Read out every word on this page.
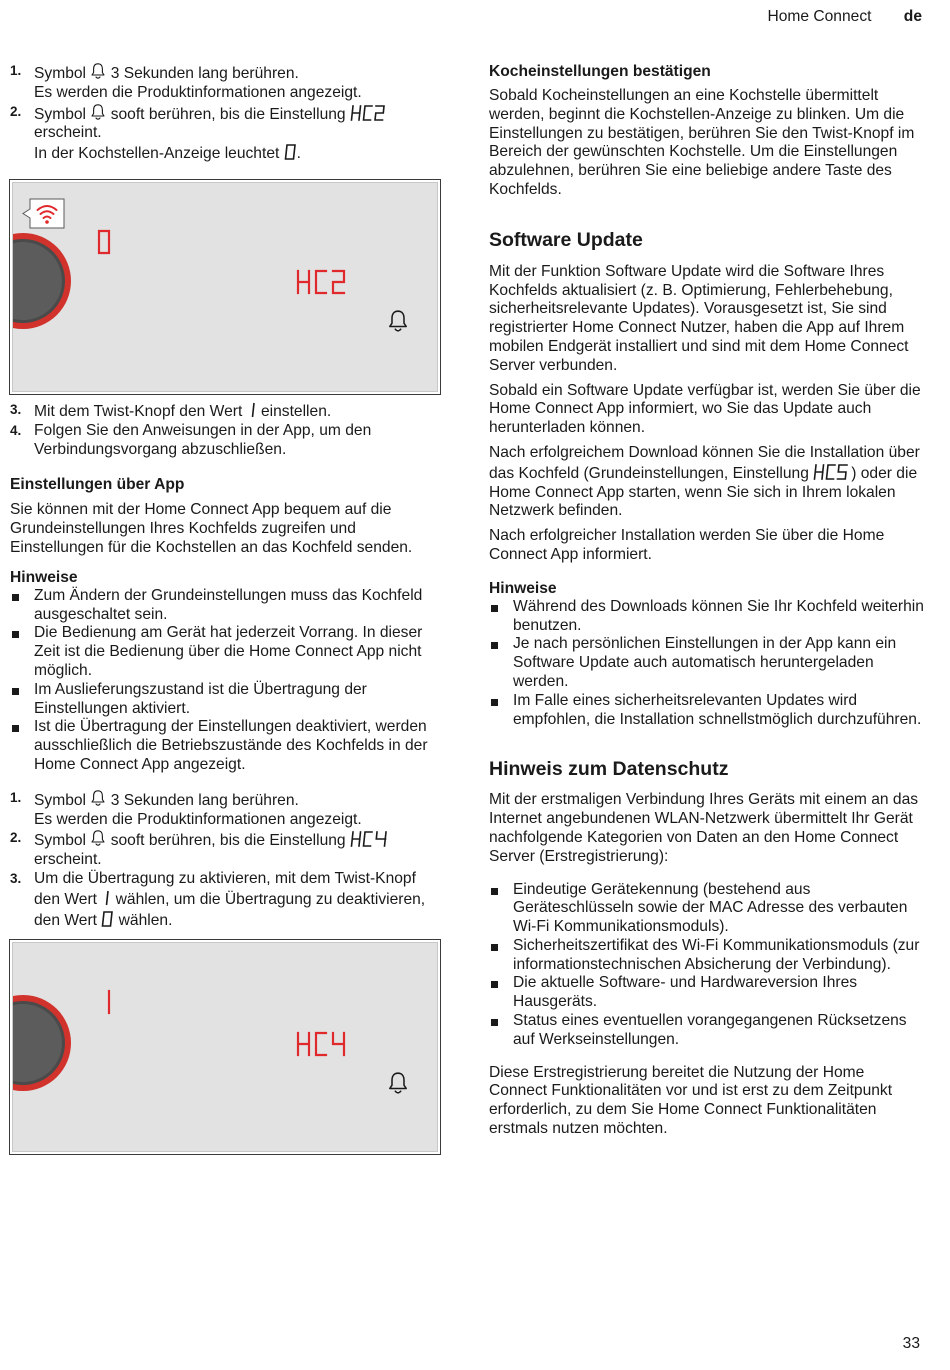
Home Connect de
1. Symbol 3 Sekunden lang berühren.
Es werden die Produktinformationen angezeigt.
2. Symbol sooft berühren, bis die Einstellung
erscheint.
In der Kochstellen-Anzeige leuchtet .
3. Mit dem Twist-Knopf den Wert einstellen.
4. Folgen Sie den Anweisungen in der App, um den Verbindungsvorgang abzuschließen.
Einstellungen über App

Sie können mit der Home Connect App bequem auf die Grundeinstellungen Ihres Kochfelds zugreifen und Einstellungen für die Kochstellen an das Kochfeld senden.

Hinweise
Zum Ändern der Grundeinstellungen muss das Kochfeld ausgeschaltet sein.
Die Bedienung am Gerät hat jederzeit Vorrang. In dieser Zeit ist die Bedienung über die Home Connect App nicht möglich.
Im Auslieferungszustand ist die Übertragung der Einstellungen aktiviert.
Ist die Übertragung der Einstellungen deaktiviert, werden ausschließlich die Betriebszustände des Kochfelds in der Home Connect App angezeigt.
1. Symbol 3 Sekunden lang berühren.
Es werden die Produktinformationen angezeigt.
2. Symbol sooft berühren, bis die Einstellung
erscheint.
3. Um die Übertragung zu aktivieren, mit dem Twist-Knopf den Wert wählen, um die Übertragung zu deaktivieren, den Wert wählen.
Kocheinstellungen bestätigen

Sobald Kocheinstellungen an eine Kochstelle übermittelt werden, beginnt die Kochstellen-Anzeige zu blinken. Um die Einstellungen zu bestätigen, berühren Sie den Twist-Knopf im Bereich der gewünschten Kochstelle. Um die Einstellungen abzulehnen, berühren Sie eine beliebige andere Taste des Kochfelds.

Software Update

Mit der Funktion Software Update wird die Software Ihres Kochfelds aktualisiert (z. B. Optimierung, Fehlerbehebung, sicherheitsrelevante Updates). Vorausgesetzt ist, Sie sind registrierter Home Connect Nutzer, haben die App auf Ihrem mobilen Endgerät installiert und sind mit dem Home Connect Server verbunden.

Sobald ein Software Update verfügbar ist, werden Sie über die Home Connect App informiert, wo Sie das Update auch herunterladen können.

Nach erfolgreichem Download können Sie die Installation über das Kochfeld (Grundeinstellungen, Einstellung	) oder die Home Connect App starten, wenn Sie sich in Ihrem lokalen Netzwerk befinden.

Nach erfolgreicher Installation werden Sie über die Home Connect App informiert.

Hinweise
Während des Downloads können Sie Ihr Kochfeld weiterhin benutzen.
Je nach persönlichen Einstellungen in der App kann ein Software Update auch automatisch heruntergeladen werden.
Im Falle eines sicherheitsrelevanten Updates wird empfohlen, die Installation schnellstmöglich durchzuführen.
Hinweis zum Datenschutz

Mit der erstmaligen Verbindung Ihres Geräts mit einem an das Internet angebundenen WLAN-Netzwerk übermittelt Ihr Gerät nachfolgende Kategorien von Daten an den Home Connect Server (Erstregistrierung):

Eindeutige Gerätekennung (bestehend aus Geräteschlüsseln sowie der MAC Adresse des verbauten Wi-Fi Kommunikationsmoduls).
Sicherheitszertifikat des Wi-Fi Kommunikationsmoduls (zur informationstechnischen Absicherung der Verbindung).
Die aktuelle Software- und Hardwareversion Ihres Hausgeräts.
Status eines eventuellen vorangegangenen Rücksetzens auf Werkseinstellungen.

Diese Erstregistrierung bereitet die Nutzung der Home Connect Funktionalitäten vor und ist erst zu dem Zeitpunkt erforderlich, zu dem Sie Home Connect Funktionalitäten erstmals nutzen möchten.

33
